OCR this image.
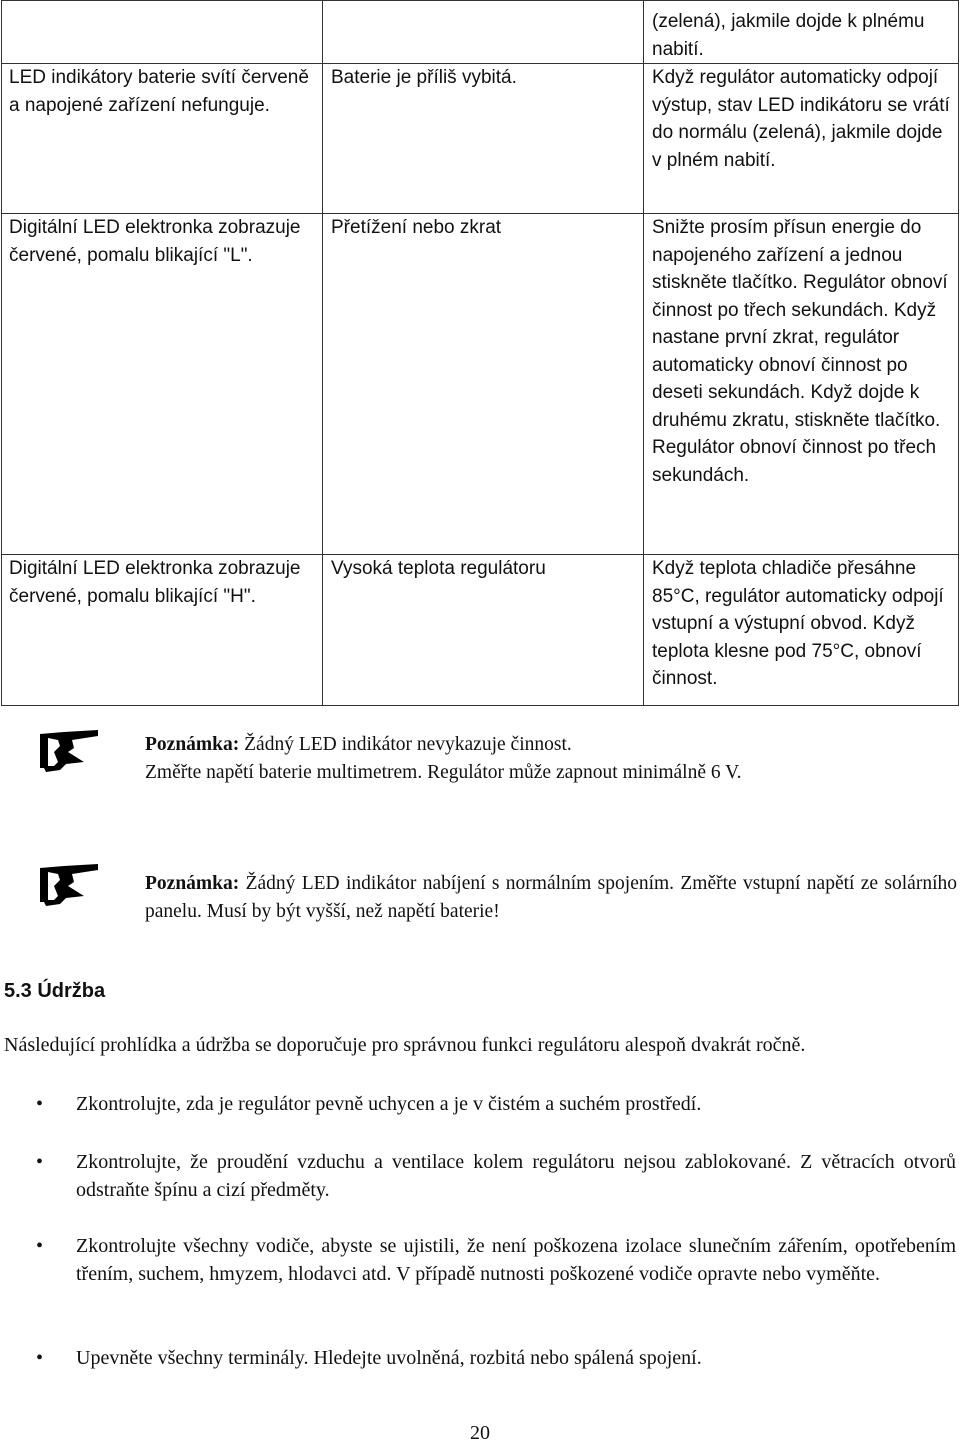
		(zelená), jakmile dojde k plnému nabití.
LED indikátory baterie svítí červeně a napojené zařízení nefunguje.	Baterie je příliš vybitá.	Když regulátor automaticky odpojí výstup, stav LED indikátoru se vrátí do normálu (zelená), jakmile dojde v plném nabití.
Digitální LED elektronka zobrazuje červené, pomalu blikající "L".	Přetížení nebo zkrat	Snižte prosím přísun energie do napojeného zařízení a jednou stiskněte tlačítko. Regulátor obnoví činnost po třech sekundách. Když nastane první zkrat, regulátor automaticky obnoví činnost po deseti sekundách. Když dojde k druhému zkratu, stiskněte tlačítko. Regulátor obnoví činnost po třech sekundách.
Digitální LED elektronka zobrazuje červené, pomalu blikající "H".	Vysoká teplota regulátoru	Když teplota chladiče přesáhne 85°C, regulátor automaticky odpojí vstupní a výstupní obvod. Když teplota klesne pod 75°C, obnoví činnost.
Poznámka: Žádný LED indikátor nevykazuje činnost.
Změřte napětí baterie multimetrem. Regulátor může zapnout minimálně 6 V.
Poznámka: Žádný LED indikátor nabíjení s normálním spojením. Změřte vstupní napětí ze solárního panelu. Musí by být vyšší, než napětí baterie!
5.3 Údržba
Následující prohlídka a údržba se doporučuje pro správnou funkci regulátoru alespoň dvakrát ročně.
• Zkontrolujte, zda je regulátor pevně uchycen a je v čistém a suchém prostředí.
• Zkontrolujte, že proudění vzduchu a ventilace kolem regulátoru nejsou zablokované. Z větracích otvorů odstraňte špínu a cizí předměty.
• Zkontrolujte všechny vodiče, abyste se ujistili, že není poškozena izolace slunečním zářením, opotřebením třením, suchem, hmyzem, hlodavci atd. V případě nutnosti poškozené vodiče opravte nebo vyměňte.
• Upevněte všechny terminály. Hledejte uvolněná, rozbitá nebo spálená spojení.
20
